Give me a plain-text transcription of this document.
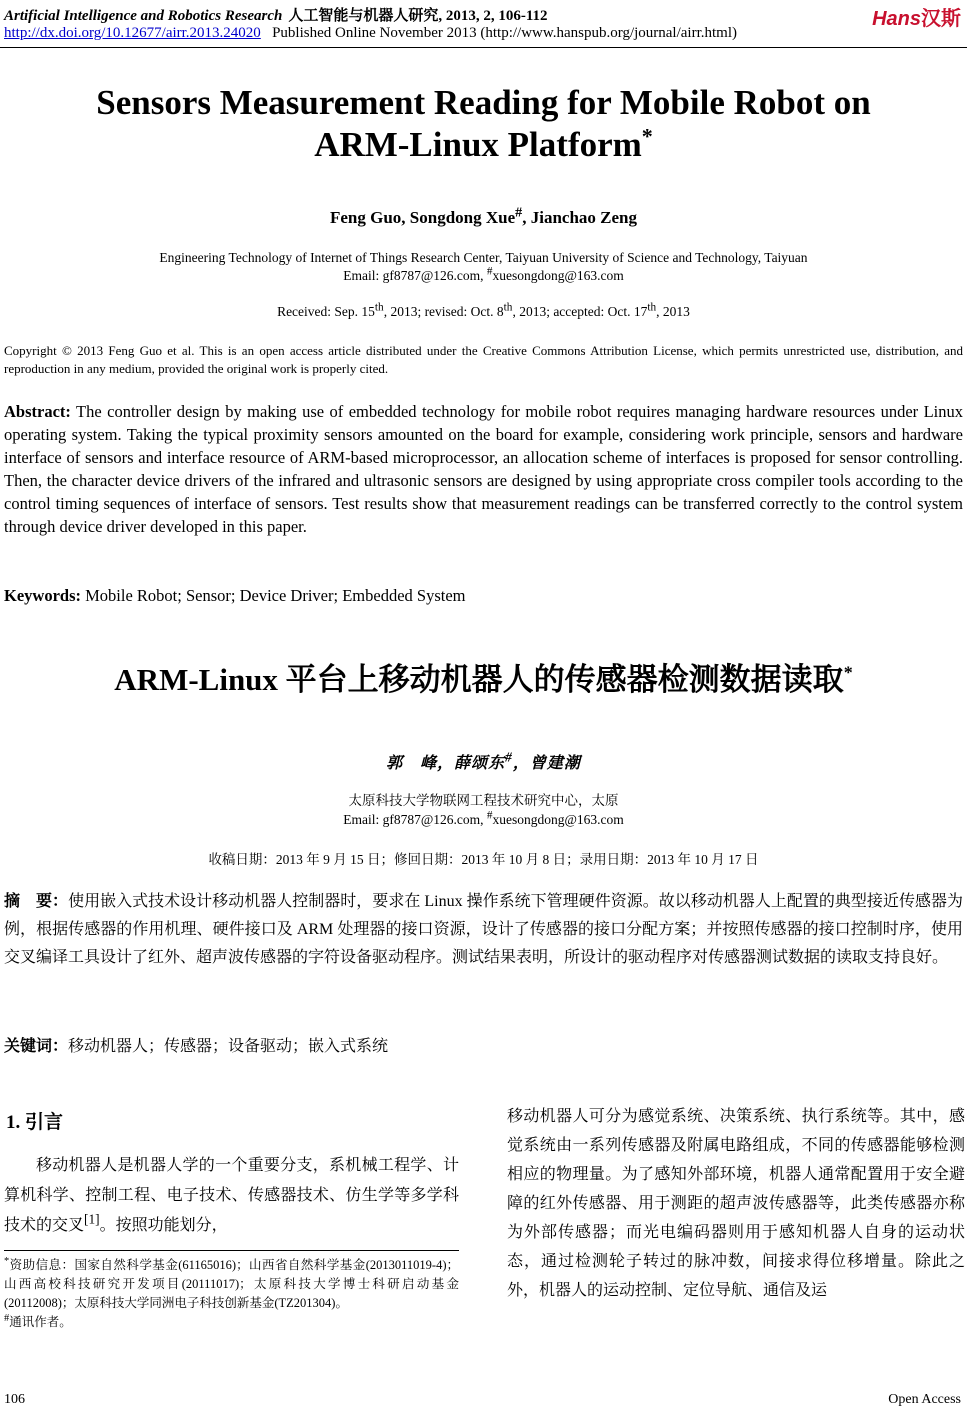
Artificial Intelligence and Robotics Research 人工智能与机器人研究, 2013, 2, 106-112	Hans汉斯
http://dx.doi.org/10.12677/airr.2013.24020 Published Online November 2013 (http://www.hanspub.org/journal/airr.html)
Sensors Measurement Reading for Mobile Robot on
ARM-Linux Platform*
Feng Guo, Songdong Xue#, Jianchao Zeng
Engineering Technology of Internet of Things Research Center, Taiyuan University of Science and Technology, Taiyuan
Email: gf8787@126.com, #xuesongdong@163.com
Received: Sep. 15th, 2013; revised: Oct. 8th, 2013; accepted: Oct. 17th, 2013
Copyright © 2013 Feng Guo et al. This is an open access article distributed under the Creative Commons Attribution License, which permits unrestricted use, distribution, and reproduction in any medium, provided the original work is properly cited.
Abstract: The controller design by making use of embedded technology for mobile robot requires managing hardware resources under Linux operating system. Taking the typical proximity sensors amounted on the board for example, considering work principle, sensors and hardware interface of sensors and interface resource of ARM-based microprocessor, an allocation scheme of interfaces is proposed for sensor controlling. Then, the character device drivers of the infrared and ultrasonic sensors are designed by using appropriate cross compiler tools according to the control timing sequences of interface of sensors. Test results show that measurement readings can be transferred correctly to the control system through device driver developed in this paper.
Keywords: Mobile Robot; Sensor; Device Driver; Embedded System
ARM-Linux 平台上移动机器人的传感器检测数据读取*
郭　峰，薛颂东#，曾建潮
太原科技大学物联网工程技术研究中心，太原
Email: gf8787@126.com, #xuesongdong@163.com
收稿日期：2013 年 9 月 15 日；修回日期：2013 年 10 月 8 日；录用日期：2013 年 10 月 17 日
摘　要：使用嵌入式技术设计移动机器人控制器时，要求在 Linux 操作系统下管理硬件资源。故以移动机器人上配置的典型接近传感器为例，根据传感器的作用机理、硬件接口及 ARM 处理器的接口资源，设计了传感器的接口分配方案；并按照传感器的接口控制时序，使用交叉编译工具设计了红外、超声波传感器的字符设备驱动程序。测试结果表明，所设计的驱动程序对传感器测试数据的读取支持良好。
关键词：移动机器人；传感器；设备驱动；嵌入式系统
1. 引言

移动机器人是机器人学的一个重要分支，系机械工程学、计算机科学、控制工程、电子技术、传感器技术、仿生学等多学科技术的交叉[1]。按照功能划分，

*资助信息：国家自然科学基金(61165016)；山西省自然科学基金(2013011019-4)；山西高校科技研究开发项目(20111017)；太原科技大学博士科研启动基金(20112008)；太原科技大学同洲电子科技创新基金(TZ201304)。

#通讯作者。

移动机器人可分为感觉系统、决策系统、执行系统等。其中，感觉系统由一系列传感器及附属电路组成，不同的传感器能够检测相应的物理量。为了感知外部环境，机器人通常配置用于安全避障的红外传感器、用于测距的超声波传感器等，此类传感器亦称为外部传感器；而光电编码器则用于感知机器人自身的运动状态，通过检测轮子转过的脉冲数，间接求得位移增量。除此之外，机器人的运动控制、定位导航、通信及运

106	Open Access
